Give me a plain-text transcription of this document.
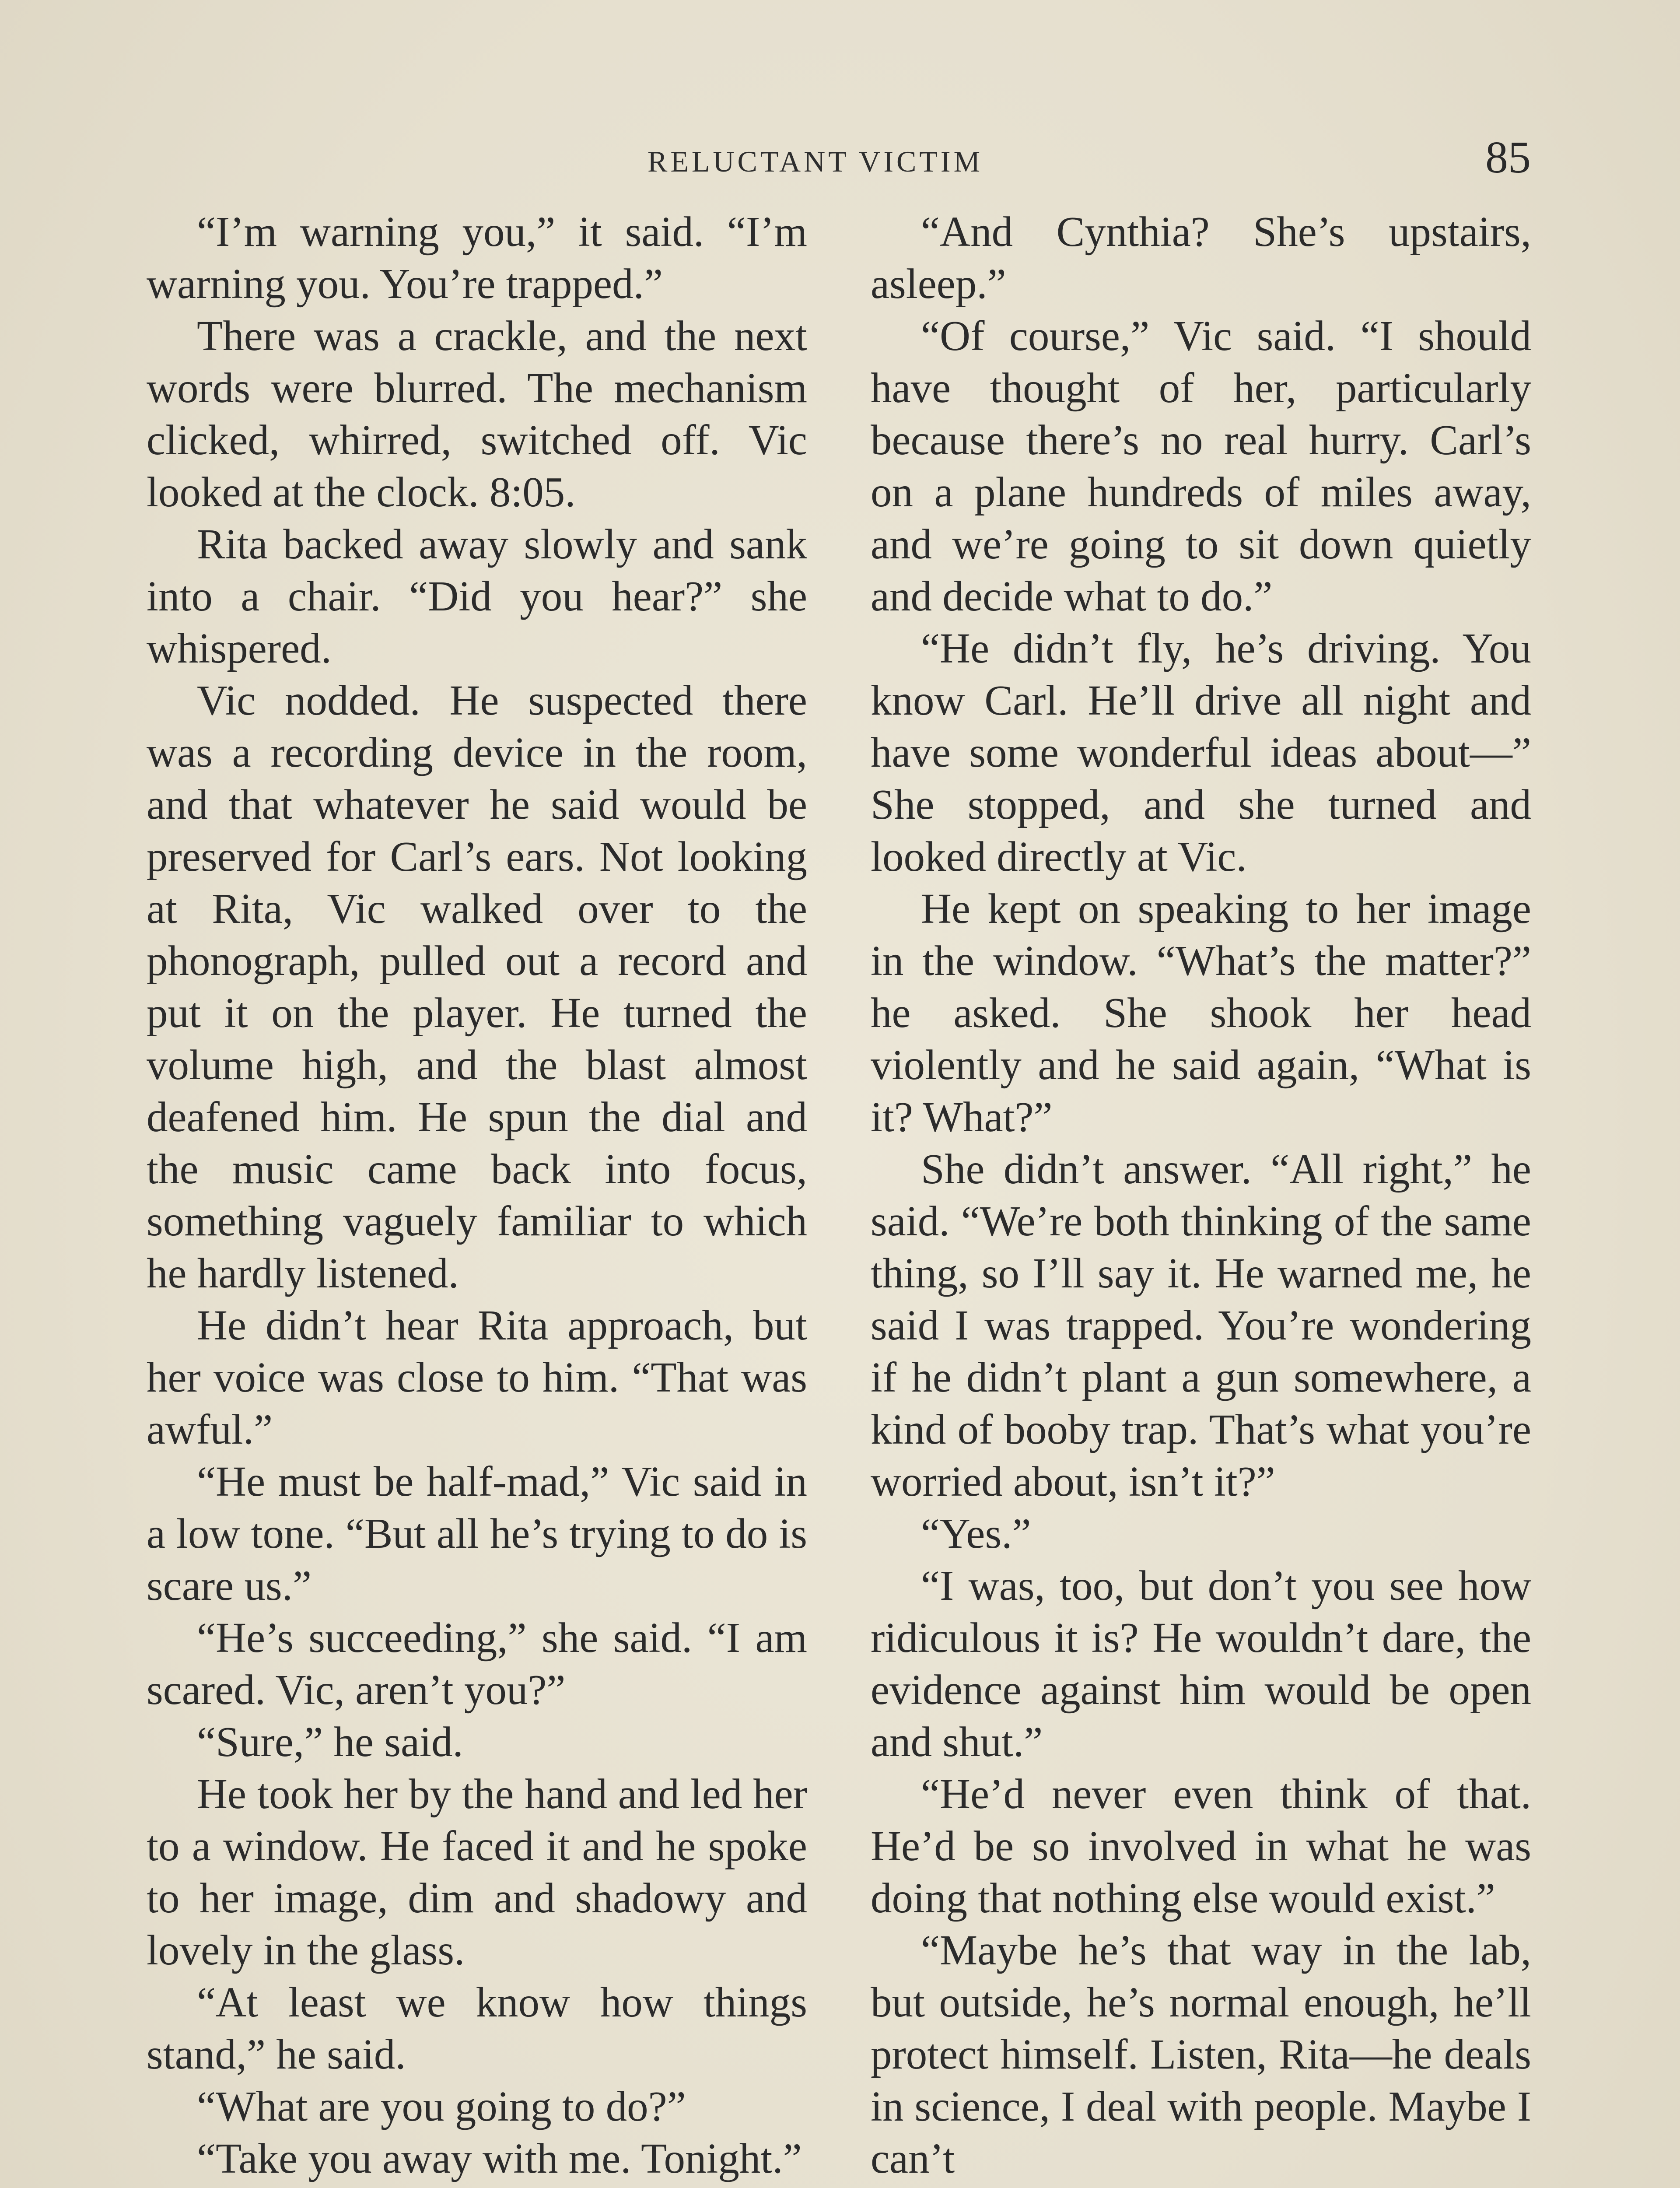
RELUCTANT VICTIM	85

“I’m warning you,” it said. “I’m warning you. You’re trapped.”

There was a crackle, and the next words were blurred. The mechanism clicked, whirred, switched off. Vic looked at the clock. 8:05.

Rita backed away slowly and sank into a chair. “Did you hear?” she whispered.

Vic nodded. He suspected there was a recording device in the room, and that whatever he said would be preserved for Carl’s ears. Not looking at Rita, Vic walked over to the phonograph, pulled out a record and put it on the player. He turned the volume high, and the blast almost deafened him. He spun the dial and the music came back into focus, something vaguely familiar to which he hardly listened.

He didn’t hear Rita approach, but her voice was close to him. “That was awful.”

“He must be half-mad,” Vic said in a low tone. “But all he’s trying to do is scare us.”

“He’s succeeding,” she said. “I am scared. Vic, aren’t you?”

“Sure,” he said.

He took her by the hand and led her to a window. He faced it and he spoke to her image, dim and shadowy and lovely in the glass.

“At least we know how things stand,” he said.

“What are you going to do?”

“Take you away with me. Tonight.”

“And Cynthia? She’s upstairs, asleep.”

“Of course,” Vic said. “I should have thought of her, particularly because there’s no real hurry. Carl’s on a plane hundreds of miles away, and we’re going to sit down quietly and decide what to do.”

“He didn’t fly, he’s driving. You know Carl. He’ll drive all night and have some wonderful ideas about—” She stopped, and she turned and looked directly at Vic.

He kept on speaking to her image in the window. “What’s the matter?” he asked. She shook her head violently and he said again, “What is it? What?”

She didn’t answer. “All right,” he said. “We’re both thinking of the same thing, so I’ll say it. He warned me, he said I was trapped. You’re wondering if he didn’t plant a gun somewhere, a kind of booby trap. That’s what you’re worried about, isn’t it?”

“Yes.”

“I was, too, but don’t you see how ridiculous it is? He wouldn’t dare, the evidence against him would be open and shut.”

“He’d never even think of that. He’d be so involved in what he was doing that nothing else would exist.”

“Maybe he’s that way in the lab, but outside, he’s normal enough, he’ll protect himself. Listen, Rita—he deals in science, I deal with people. Maybe I can’t
